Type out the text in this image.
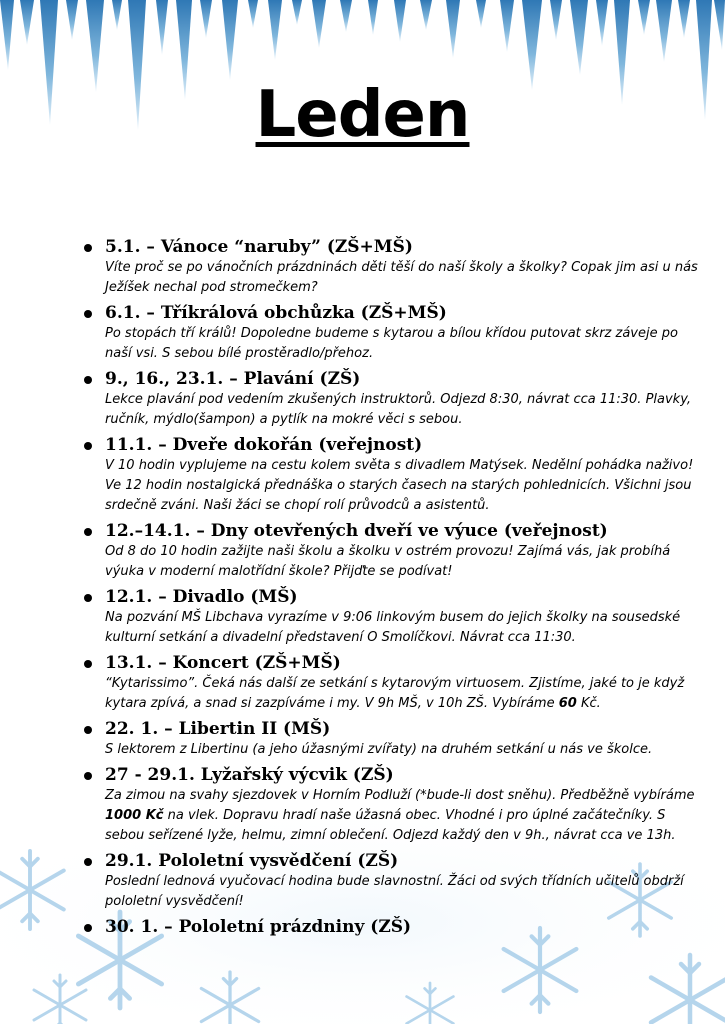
Leden
5.1. – Vánoce “naruby” (ZŠ+MŠ)
Víte proč se po vánočních prázdninách děti těší do naší školy a školky? Copak jim asi u nás Ježíšek nechal pod stromečkem?
6.1. – Tříkrálová obchůzka (ZŠ+MŠ)
Po stopách tří králů! Dopoledne budeme s kytarou a bílou křídou putovat skrz záveje po naší vsi. S sebou bílé prostěradlo/přehoz.
9., 16., 23.1. – Plavání (ZŠ)
Lekce plavání pod vedením zkušených instruktorů. Odjezd 8:30, návrat cca 11:30. Plavky, ručník, mýdlo(šampon) a pytlík na mokré věci s sebou.
11.1. – Dveře dokořán (veřejnost)
V 10 hodin vyplujeme na cestu kolem světa s divadlem Matýsek. Nedělní pohádka naživo! Ve 12 hodin nostalgická přednáška o starých časech na starých pohlednicích. Všichni jsou srdečně zváni. Naši žáci se chopí rolí průvodců a asistentů.
12.–14.1. – Dny otevřených dveří ve výuce (veřejnost)
Od 8 do 10 hodin zažijte naši školu a školku v ostrém provozu! Zajímá vás, jak probíhá výuka v moderní malotřídní škole? Přijďte se podívat!
12.1. – Divadlo (MŠ)
Na pozvání MŠ Libchava vyrazíme v 9:06 linkovým busem do jejich školky na sousedské kulturní setkání a divadelní představení O Smolíčkovi. Návrat cca 11:30.
13.1. – Koncert (ZŠ+MŠ)
“Kytarissimo”. Čeká nás další ze setkání s kytarovým virtuosem. Zjistíme, jaké to je když kytara zpívá, a snad si zazpíváme i my. V 9h MŠ, v 10h ZŠ. Vybíráme 60 Kč.
22. 1. – Libertin II (MŠ)
S lektorem z Libertinu (a jeho úžasnými zvířaty) na druhém setkání u nás ve školce.
27 - 29.1. Lyžařský výcvik (ZŠ)
Za zimou na svahy sjezdovek v Horním Podluží (*bude-li dost sněhu). Předběžně vybíráme 1000 Kč na vlek. Dopravu hradí naše úžasná obec. Vhodné i pro úplné začátečníky. S sebou seřízené lyže, helmu, zimní oblečení. Odjezd každý den v 9h., návrat cca ve 13h.
29.1. Pololetní vysvědčení (ZŠ)
Poslední lednová vyučovací hodina bude slavnostní. Žáci od svých třídních učitelů obdrží pololetní vysvědčení!
30. 1. – Pololetní prázdniny (ZŠ)
